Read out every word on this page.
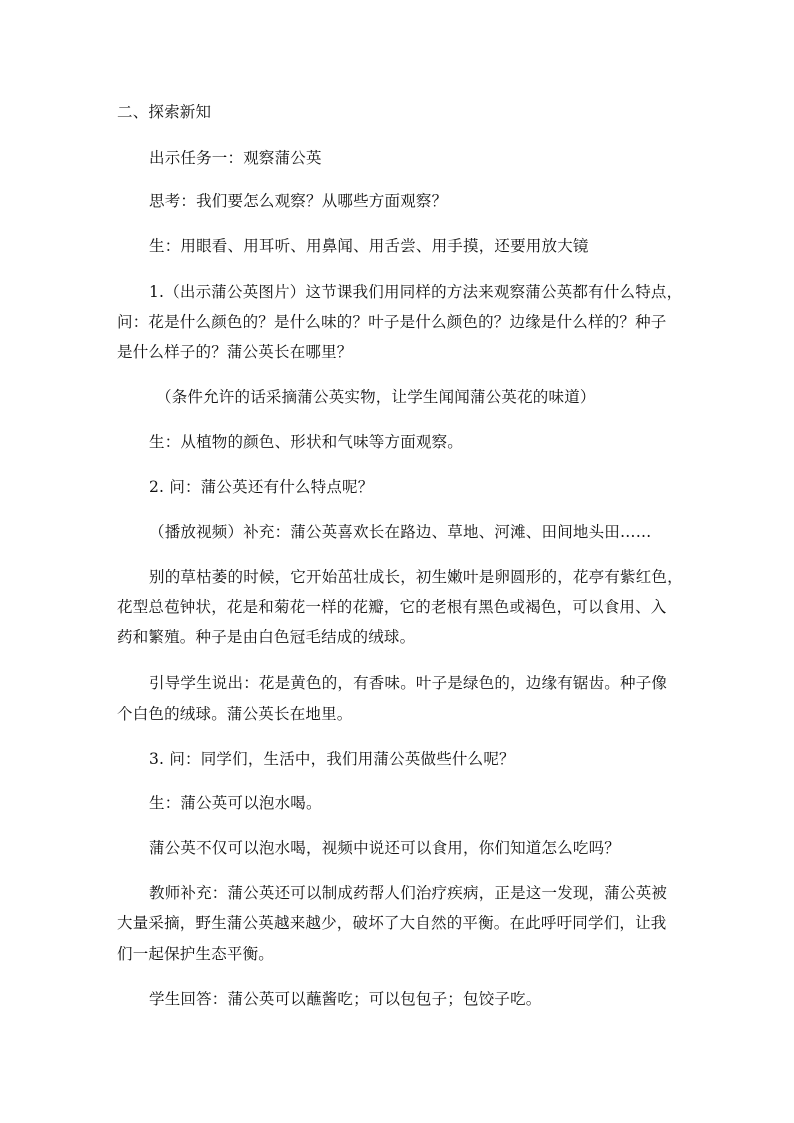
二、探索新知
出示任务一：观察蒲公英
思考：我们要怎么观察？从哪些方面观察？
生：用眼看、用耳听、用鼻闻、用舌尝、用手摸，还要用放大镜
1.（出示蒲公英图片）这节课我们用同样的方法来观察蒲公英都有什么特点，
问：花是什么颜色的？是什么味的？叶子是什么颜色的？边缘是什么样的？种子
是什么样子的？蒲公英长在哪里？
（条件允许的话采摘蒲公英实物，让学生闻闻蒲公英花的味道）
生：从植物的颜色、形状和气味等方面观察。
2. 问：蒲公英还有什么特点呢？
（播放视频）补充：蒲公英喜欢长在路边、草地、河滩、田间地头田……
别的草枯萎的时候，它开始茁壮成长，初生嫩叶是卵圆形的，花亭有紫红色，
花型总苞钟状，花是和菊花一样的花瓣，它的老根有黑色或褐色，可以食用、入
药和繁殖。种子是由白色冠毛结成的绒球。
引导学生说出：花是黄色的，有香味。叶子是绿色的，边缘有锯齿。种子像
个白色的绒球。蒲公英长在地里。
3. 问：同学们，生活中，我们用蒲公英做些什么呢？
生：蒲公英可以泡水喝。
蒲公英不仅可以泡水喝，视频中说还可以食用，你们知道怎么吃吗？
教师补充：蒲公英还可以制成药帮人们治疗疾病，正是这一发现，蒲公英被
大量采摘，野生蒲公英越来越少，破坏了大自然的平衡。在此呼吁同学们，让我
们一起保护生态平衡。
学生回答：蒲公英可以蘸酱吃；可以包包子；包饺子吃。
